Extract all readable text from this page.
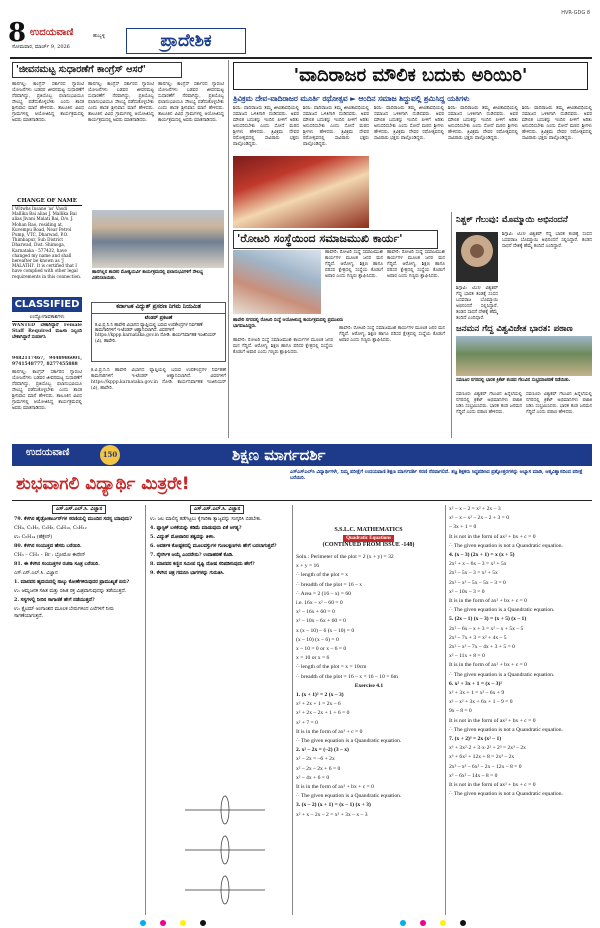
8 ಉದಯವಾಣಿ	ಹುಬ್ಬಳ್ಳಿ
ಸೋಮವಾರ, ಮಾರ್ಚ್ 9, 2026	ಪ್ರಾದೇಶಿಕ
HVR-GDG 8
'ಜೀವನಮಟ್ಟ ಸುಧಾರಣೆಗೆ ಕಾಂಗ್ರೆಸ್ ಆಸರೆ'
ಹಾನಗಲ್ಲ: ಕಾಂಗ್ರೆಸ್ ಸರ್ಕಾರದ ಗ್ಯಾರಂಟಿ ಯೋಜನೆಗಳು ಬಡವರ ಜೀವನಮಟ್ಟ ಸುಧಾರಣೆಗೆ ನೆರವಾಗಿದ್ದು, ಪ್ರತಿಯೊಬ್ಬ ಫಲಾನುಭವಿಯೂ ಸೌಲಭ್ಯ ಪಡೆದುಕೊಳ್ಳಬೇಕು ಎಂದು ಶಾಸಕ ಶ್ರೀನಿವಾಸ ಮಾನೆ ಹೇಳಿದರು. ತಾಲೂಕಿನ ವಿವಿಧ ಗ್ರಾಮಗಳಲ್ಲಿ ಆಯೋಜಿಸಿದ್ದ ಕಾರ್ಯಕ್ರಮದಲ್ಲಿ ಅವರು ಮಾತನಾಡಿದರು.
ಹಾನಗಲ್ಲ: ಕಾಂಗ್ರೆಸ್ ಸರ್ಕಾರದ ಗ್ಯಾರಂಟಿ ಯೋಜನೆಗಳು ಬಡವರ ಜೀವನಮಟ್ಟ ಸುಧಾರಣೆಗೆ ನೆರವಾಗಿದ್ದು, ಪ್ರತಿಯೊಬ್ಬ ಫಲಾನುಭವಿಯೂ ಸೌಲಭ್ಯ ಪಡೆದುಕೊಳ್ಳಬೇಕು ಎಂದು ಶಾಸಕ ಶ್ರೀನಿವಾಸ ಮಾನೆ ಹೇಳಿದರು. ತಾಲೂಕಿನ ವಿವಿಧ ಗ್ರಾಮಗಳಲ್ಲಿ ಆಯೋಜಿಸಿದ್ದ ಕಾರ್ಯಕ್ರಮದಲ್ಲಿ ಅವರು ಮಾತನಾಡಿದರು.
ಹಾನಗಲ್ಲ: ಕಾಂಗ್ರೆಸ್ ಸರ್ಕಾರದ ಗ್ಯಾರಂಟಿ ಯೋಜನೆಗಳು ಬಡವರ ಜೀವನಮಟ್ಟ ಸುಧಾರಣೆಗೆ ನೆರವಾಗಿದ್ದು, ಪ್ರತಿಯೊಬ್ಬ ಫಲಾನುಭವಿಯೂ ಸೌಲಭ್ಯ ಪಡೆದುಕೊಳ್ಳಬೇಕು ಎಂದು ಶಾಸಕ ಶ್ರೀನಿವಾಸ ಮಾನೆ ಹೇಳಿದರು. ತಾಲೂಕಿನ ವಿವಿಧ ಗ್ರಾಮಗಳಲ್ಲಿ ಆಯೋಜಿಸಿದ್ದ ಕಾರ್ಯಕ್ರಮದಲ್ಲಿ ಅವರು ಮಾತನಾಡಿದರು.
ಹಾನಗಲ್ಲನ ಶಾಸಕರ ಮೋತ್ವಯರ್ವಿ ಕಾರ್ಯಕ್ರಮದಲ್ಲಿ ಫಲಾನುಭವಿಗಳಿಗೆ ಸೌಲಭ್ಯ ವಿತರಿಸಲಾಯಿತು.
CHANGE OF NAME
I Witwhs Insane 'as' Vasdi Mallika Bai alias J. Mallika Bai alias Jivani Malati Bai, D/o. J. Mohan Rao, residing at, Kuvempu Road, Near Petrol Pump, VTC, Dharwad, P.O. Thimbapur, Sub District Dharwad, Dist. Shimoga, Karnataka - 577432, have changed my name and shall hereafter be known as 'J MALATHI'. It is certified that I have complied with other legal requirements in this connection.
CLASSIFIED
ಉದ್ಯೋಗಾವಕಾಶಗಳು
WANTED ಬೇಕಾಗಿದ್ದಾರೆ Female Staff Required ಮಹಿಳಾ ಸಿಬ್ಬಂದಿ ಬೇಕಾಗಿದ್ದಾರೆ ಸಂಪರ್ಕಿಸಿ
9482117467, 9448986001, 9741548777, 8277455888
ಹಾನಗಲ್ಲ: ಕಾಂಗ್ರೆಸ್ ಸರ್ಕಾರದ ಗ್ಯಾರಂಟಿ ಯೋಜನೆಗಳು ಬಡವರ ಜೀವನಮಟ್ಟ ಸುಧಾರಣೆಗೆ ನೆರವಾಗಿದ್ದು, ಪ್ರತಿಯೊಬ್ಬ ಫಲಾನುಭವಿಯೂ ಸೌಲಭ್ಯ ಪಡೆದುಕೊಳ್ಳಬೇಕು ಎಂದು ಶಾಸಕ ಶ್ರೀನಿವಾಸ ಮಾನೆ ಹೇಳಿದರು. ತಾಲೂಕಿನ ವಿವಿಧ ಗ್ರಾಮಗಳಲ್ಲಿ ಆಯೋಜಿಸಿದ್ದ ಕಾರ್ಯಕ್ರಮದಲ್ಲಿ ಅವರು ಮಾತನಾಡಿದರು.
ಕರ್ನಾಟಕ ವಿದ್ಯುತ್ ಪ್ರಸರಣ ನಿಗಮ ನಿಯಮಿತ
ಟೆಂಡರ್ ಪ್ರಕಟಣೆ
ಕ.ವಿ.ಪ್ರ.ನಿ.ನಿ ಹಾವೇರಿ ವಿಭಾಗದ ವ್ಯಾಪ್ತಿಯಲ್ಲಿ ಬರುವ ಉಪಕೇಂದ್ರಗಳ ನಿರ್ವಹಣೆ ಕಾಮಗಾರಿಗಳಿಗೆ ಇ-ಟೆಂಡರ್ ಆಹ್ವಾನಿಸಲಾಗಿದೆ. ವಿವರಗಳಿಗೆ https://kppp.karnataka.gov.in ನೋಡಿ. ಕಾರ್ಯನಿರ್ವಾಹಕ ಇಂಜಿನಿಯರ್ (ವಿ), ಹಾವೇರಿ.
ಕ.ವಿ.ಪ್ರ.ನಿ.ನಿ ಹಾವೇರಿ ವಿಭಾಗದ ವ್ಯಾಪ್ತಿಯಲ್ಲಿ ಬರುವ ಉಪಕೇಂದ್ರಗಳ ನಿರ್ವಹಣೆ ಕಾಮಗಾರಿಗಳಿಗೆ ಇ-ಟೆಂಡರ್ ಆಹ್ವಾನಿಸಲಾಗಿದೆ. ವಿವರಗಳಿಗೆ https://kppp.karnataka.gov.in ನೋಡಿ. ಕಾರ್ಯನಿರ್ವಾಹಕ ಇಂಜಿನಿಯರ್ (ವಿ), ಹಾವೇರಿ.
'ವಾದಿರಾಜರ ಮೌಲಿಕ ಬದುಕು ಅರಿಯಿರಿ'
ತ್ರಿವಿಕ್ರಮ ದೇವ-ವಾದಿರಾಜರ ಮೂರ್ತಿ ರಥೋತ್ಸವ ► ಆಂದಿನ ಸಮಾಜ ಶಿದ್ದುವಲ್ಲಿ ಶ್ರಮಿಸಿದ್ದ ಯತಿಗಳು
ಶಿರಸಿ: ವಾದಿರಾಜರು ತಮ್ಮ ಜೀವಿತಾವಧಿಯಲ್ಲಿ ಸಮಾಜದ ಒಳಿತಿಗಾಗಿ ದುಡಿದವರು. ಅವರ ಮೌಲಿಕ ಬದುಕನ್ನು ಇಂದಿನ ಪೀಳಿಗೆ ಅರಿತು ಅನುಸರಿಸಬೇಕು ಎಂದು ಸೋದೆ ಮಠದ ಶ್ರೀಗಳು ಹೇಳಿದರು. ತ್ರಿವಿಕ್ರಮ ದೇವರ ರಥೋತ್ಸವದಲ್ಲಿ ಸಾವಿರಾರು ಭಕ್ತರು ಪಾಲ್ಗೊಂಡಿದ್ದರು.
ಶಿರಸಿ: ವಾದಿರಾಜರು ತಮ್ಮ ಜೀವಿತಾವಧಿಯಲ್ಲಿ ಸಮಾಜದ ಒಳಿತಿಗಾಗಿ ದುಡಿದವರು. ಅವರ ಮೌಲಿಕ ಬದುಕನ್ನು ಇಂದಿನ ಪೀಳಿಗೆ ಅರಿತು ಅನುಸರಿಸಬೇಕು ಎಂದು ಸೋದೆ ಮಠದ ಶ್ರೀಗಳು ಹೇಳಿದರು. ತ್ರಿವಿಕ್ರಮ ದೇವರ ರಥೋತ್ಸವದಲ್ಲಿ ಸಾವಿರಾರು ಭಕ್ತರು ಪಾಲ್ಗೊಂಡಿದ್ದರು.
ಶಿರಸಿ: ವಾದಿರಾಜರು ತಮ್ಮ ಜೀವಿತಾವಧಿಯಲ್ಲಿ ಸಮಾಜದ ಒಳಿತಿಗಾಗಿ ದುಡಿದವರು. ಅವರ ಮೌಲಿಕ ಬದುಕನ್ನು ಇಂದಿನ ಪೀಳಿಗೆ ಅರಿತು ಅನುಸರಿಸಬೇಕು ಎಂದು ಸೋದೆ ಮಠದ ಶ್ರೀಗಳು ಹೇಳಿದರು. ತ್ರಿವಿಕ್ರಮ ದೇವರ ರಥೋತ್ಸವದಲ್ಲಿ ಸಾವಿರಾರು ಭಕ್ತರು ಪಾಲ್ಗೊಂಡಿದ್ದರು.
ಶಿರಸಿ: ವಾದಿರಾಜರು ತಮ್ಮ ಜೀವಿತಾವಧಿಯಲ್ಲಿ ಸಮಾಜದ ಒಳಿತಿಗಾಗಿ ದುಡಿದವರು. ಅವರ ಮೌಲಿಕ ಬದುಕನ್ನು ಇಂದಿನ ಪೀಳಿಗೆ ಅರಿತು ಅನುಸರಿಸಬೇಕು ಎಂದು ಸೋದೆ ಮಠದ ಶ್ರೀಗಳು ಹೇಳಿದರು. ತ್ರಿವಿಕ್ರಮ ದೇವರ ರಥೋತ್ಸವದಲ್ಲಿ ಸಾವಿರಾರು ಭಕ್ತರು ಪಾಲ್ಗೊಂಡಿದ್ದರು.
ಶಿರಸಿ: ವಾದಿರಾಜರು ತಮ್ಮ ಜೀವಿತಾವಧಿಯಲ್ಲಿ ಸಮಾಜದ ಒಳಿತಿಗಾಗಿ ದುಡಿದವರು. ಅವರ ಮೌಲಿಕ ಬದುಕನ್ನು ಇಂದಿನ ಪೀಳಿಗೆ ಅರಿತು ಅನುಸರಿಸಬೇಕು ಎಂದು ಸೋದೆ ಮಠದ ಶ್ರೀಗಳು ಹೇಳಿದರು. ತ್ರಿವಿಕ್ರಮ ದೇವರ ರಥೋತ್ಸವದಲ್ಲಿ ಸಾವಿರಾರು ಭಕ್ತರು ಪಾಲ್ಗೊಂಡಿದ್ದರು.
'ರೋಟರಿ ಸಂಸ್ಥೆಯಿಂದ ಸಮಾಜಮುಖಿ ಕಾರ್ಯ'
ಹಾವೇರಿ: ರೋಟರಿ ಸಂಸ್ಥೆ ಸಮಾಜಮುಖಿ ಕಾರ್ಯಗಳ ಮೂಲಕ ಜನರ ಮನ ಗೆದ್ದಿದೆ. ಆರೋಗ್ಯ, ಶಿಕ್ಷಣ ಹಾಗೂ ಪರಿಸರ ಕ್ಷೇತ್ರದಲ್ಲಿ ಸಂಸ್ಥೆಯ ಕೊಡುಗೆ ಅಪಾರ ಎಂದು ಗಣ್ಯರು ಶ್ಲಾಘಿಸಿದರು.
ಹಾವೇರಿ: ರೋಟರಿ ಸಂಸ್ಥೆ ಸಮಾಜಮುಖಿ ಕಾರ್ಯಗಳ ಮೂಲಕ ಜನರ ಮನ ಗೆದ್ದಿದೆ. ಆರೋಗ್ಯ, ಶಿಕ್ಷಣ ಹಾಗೂ ಪರಿಸರ ಕ್ಷೇತ್ರದಲ್ಲಿ ಸಂಸ್ಥೆಯ ಕೊಡುಗೆ ಅಪಾರ ಎಂದು ಗಣ್ಯರು ಶ್ಲಾಘಿಸಿದರು.
ಹಾವೇರಿ ನಗರದಲ್ಲಿ ರೋಟರಿ ಸಂಸ್ಥೆ ಆಯೋಜಿಸಿದ್ದ ಕಾರ್ಯಕ್ರಮದಲ್ಲಿ ಪ್ರಮುಖರು ಭಾಗವಹಿಸಿದ್ದರು.
ಹಾವೇರಿ: ರೋಟರಿ ಸಂಸ್ಥೆ ಸಮಾಜಮುಖಿ ಕಾರ್ಯಗಳ ಮೂಲಕ ಜನರ ಮನ ಗೆದ್ದಿದೆ. ಆರೋಗ್ಯ, ಶಿಕ್ಷಣ ಹಾಗೂ ಪರಿಸರ ಕ್ಷೇತ್ರದಲ್ಲಿ ಸಂಸ್ಥೆಯ ಕೊಡುಗೆ ಅಪಾರ ಎಂದು ಗಣ್ಯರು ಶ್ಲಾಘಿಸಿದರು.
ಹಾವೇರಿ: ರೋಟರಿ ಸಂಸ್ಥೆ ಸಮಾಜಮುಖಿ ಕಾರ್ಯಗಳ ಮೂಲಕ ಜನರ ಮನ ಗೆದ್ದಿದೆ. ಆರೋಗ್ಯ, ಶಿಕ್ಷಣ ಹಾಗೂ ಪರಿಸರ ಕ್ಷೇತ್ರದಲ್ಲಿ ಸಂಸ್ಥೆಯ ಕೊಡುಗೆ ಅಪಾರ ಎಂದು ಗಣ್ಯರು ಶ್ಲಾಘಿಸಿದರು.
ನಿಶ್ಚಕ್ ಗೆಲುವು: ಮೊಮ್ಮಾಯಿ ಅಭಿನಂದನೆ
ಶಿಗ್ಗಾವಿ: ಟಿ20 ವಿಶ್ವಕಪ್ ಗೆದ್ದ ಭಾರತ ತಂಡಕ್ಕೆ ಸಂಸದ ಬಸವರಾಜ ಬೊಮ್ಮಾಯಿ ಅಭಿನಂದನೆ ಸಲ್ಲಿಸಿದ್ದಾರೆ. ತಂಡದ ಸಾಧನೆ ದೇಶಕ್ಕೆ ಹೆಮ್ಮೆ ತಂದಿದೆ ಎಂದಿದ್ದಾರೆ.
ಶಿಗ್ಗಾವಿ: ಟಿ20 ವಿಶ್ವಕಪ್ ಗೆದ್ದ ಭಾರತ ತಂಡಕ್ಕೆ ಸಂಸದ ಬಸವರಾಜ ಬೊಮ್ಮಾಯಿ ಅಭಿನಂದನೆ ಸಲ್ಲಿಸಿದ್ದಾರೆ. ತಂಡದ ಸಾಧನೆ ದೇಶಕ್ಕೆ ಹೆಮ್ಮೆ ತಂದಿದೆ ಎಂದಿದ್ದಾರೆ.
ಜನಮನ ಗೆದ್ದ ವಿಶ್ವವಿಜೇತ ಭಾರತ: ಪಠಾಣ
ಸವಣೂರ ನಗರದಲ್ಲಿ ಭಾರತ ಕ್ರಿಕೆಟ್ ತಂಡದ ಗೆಲುವಿನ ಸಂಭ್ರಮಾಚರಣೆ ನಡೆಯಿತು.
ಸವಣೂರ: ವಿಶ್ವಕಪ್ ಗೆಲುವಿನ ಹಿನ್ನೆಲೆಯಲ್ಲಿ ನಗರದಲ್ಲಿ ಕ್ರಿಕೆಟ್ ಅಭಿಮಾನಿಗಳು ಪಟಾಕಿ ಸಿಡಿಸಿ ಸಂಭ್ರಮಿಸಿದರು. ಭಾರತ ತಂಡ ಜನಮನ ಗೆದ್ದಿದೆ ಎಂದು ಪಠಾಣ ಹೇಳಿದರು.
ಸವಣೂರ: ವಿಶ್ವಕಪ್ ಗೆಲುವಿನ ಹಿನ್ನೆಲೆಯಲ್ಲಿ ನಗರದಲ್ಲಿ ಕ್ರಿಕೆಟ್ ಅಭಿಮಾನಿಗಳು ಪಟಾಕಿ ಸಿಡಿಸಿ ಸಂಭ್ರಮಿಸಿದರು. ಭಾರತ ತಂಡ ಜನಮನ ಗೆದ್ದಿದೆ ಎಂದು ಪಠಾಣ ಹೇಳಿದರು.
ಉದಯವಾಣಿ	150	ಶಿಕ್ಷಣ ಮಾರ್ಗದರ್ಶಿ
ಶುಭವಾಗಲಿ ವಿದ್ಯಾರ್ಥಿ ಮಿತ್ರರೇ!
ಎಸ್ಎಸ್ಎಲ್‌ಸಿ ವಿದ್ಯಾರ್ಥಿಗಳೇ, ನಿಮ್ಮ ಪರೀಕ್ಷೆಗೆ ಉದಯವಾಣಿ ಶಿಕ್ಷಣ ಮಾರ್ಗದರ್ಶಿ ಸರಣಿ ನೆರವಾಗಲಿದೆ. ತಜ್ಞ ಶಿಕ್ಷಕರು ಸಿದ್ಧಪಡಿಸಿದ ಪ್ರಶ್ನೋತ್ತರಗಳನ್ನು ಅಭ್ಯಾಸ ಮಾಡಿ, ಆತ್ಮವಿಶ್ವಾಸದಿಂದ ಪರೀಕ್ಷೆ ಬರೆಯಿರಿ.
ಎಸ್.ಎಸ್.ಎಲ್.ಸಿ. ವಿಜ್ಞಾನ
79. ಕೆಳಗಿನ ಹೈಡ್ರೋಕಾರ್ಬನ್‌ಗಳ ಸರಣಿಯಲ್ಲಿ ಮುಂದಿನ ಸದಸ್ಯ ಯಾವುದು?
CH₄, C₂H₆, C₃H₈, C₄H₁₀, C₅H₁₂
ಉ: C₆H₁₄ (ಹೆಕ್ಸೇನ್)
80. ಕೆಳಗಿನ ಸಂಯುಕ್ತದ ಹೆಸರು ಬರೆಯಿರಿ.
CH₃ – CH₂ – Br : ಬ್ರೋಮೋ ಈಥೇನ್
81. ಈ ಕೆಳಗಿನ ಸಂಯುಕ್ತಗಳ ರಚನಾ ಸೂತ್ರ ಬರೆಯಿರಿ.
ಎಸ್.ಎಸ್.ಎಲ್.ಸಿ. ವಿಜ್ಞಾನ
1. ಮಾನವನ ಹೃದಯದಲ್ಲಿ ನಾಲ್ಕು ಕೋಣೆಗಳಿರುವುದರ ಪ್ರಾಮುಖ್ಯತೆ ಏನು?
ಉ: ಆಮ್ಲಜನಕ ಸಹಿತ ಮತ್ತು ರಹಿತ ರಕ್ತ ಮಿಶ್ರವಾಗುವುದನ್ನು ತಡೆಯುತ್ತದೆ.
2. ಸಸ್ಯಗಳಲ್ಲಿ ನೀರಿನ ಸಾಗಾಣಿಕೆ ಹೇಗೆ ನಡೆಯುತ್ತದೆ?
ಉ: ಕ್ಸೈಲಮ್ ಅಂಗಾಂಶದ ಮೂಲಕ ಬೇರುಗಳಿಂದ ಎಲೆಗಳಿಗೆ ನೀರು ಸಾಗಣೆಯಾಗುತ್ತದೆ.
ಎಸ್.ಎಸ್.ಎಲ್.ಸಿ. ವಿಜ್ಞಾನ
ಉ: ಜಲ ಮಾಲಿನ್ಯ ತಡೆಗಟ್ಟಲು ಕೈಗಾರಿಕಾ ತ್ಯಾಜ್ಯವನ್ನು ಸಂಸ್ಕರಿಸಿ ಬಿಡಬೇಕು.
4. ಪ್ಲಾಸ್ಟಿಕ್ ಬಳಕೆಯನ್ನು ಕಡಿಮೆ ಮಾಡುವುದು ಏಕೆ ಅಗತ್ಯ?
5. ವಿದ್ಯುತ್ ಮೋಟಾರಿನ ತತ್ವವನ್ನು ತಿಳಿಸಿ.
6. ಆವರ್ತಕ ಕೋಷ್ಟಕದಲ್ಲಿ ಮೂಲವಸ್ತುಗಳ ಗುಣಲಕ್ಷಣಗಳು ಹೇಗೆ ಬದಲಾಗುತ್ತವೆ?
7. ನೈಸರ್ಗಿಕ ಆಯ್ಕೆ ಎಂದರೇನು? ಉದಾಹರಣೆ ಕೊಡಿ.
8. ಮಾನವನ ಕಣ್ಣಿನ ಸಮೀಪ ದೃಷ್ಟಿ ದೋಷ ಸರಿಪಡಿಸುವುದು ಹೇಗೆ?
9. ಕೆಳಗಿನ ಚಿತ್ರ ಗಮನಿಸಿ ಭಾಗಗಳನ್ನು ಗುರುತಿಸಿ.
S.S.L.C. MATHEMATICS
Quadratic Equations
(CONTINUED FROM ISSUE -148)
Soln.: Perimeter of the plot = 2 (x + y) = 32
x + y = 16
∴ length of the plot = x
∴ breadth of the plot = 16 – x
∴ Area = 2 (16 – x) = 60
i.e. 16x – x² – 60 = 0
x² – 16x + 60 = 0
x² – 10x – 6x + 60 = 0
x (x – 10) – 6 (x – 10) = 0
(x – 10) (x – 6) = 0
x – 10 = 0 or x – 6 = 0
x = 10 or x = 6
∴ length of the plot = x = 10cm
∴ breadth of the plot = 16 – x = 16 – 10 = 6m
Exercise 4.1
1. (x + 1)² = 2 (x – 3)
x² + 2x + 1 = 2x – 6
x² + 2x – 2x + 1 + 6 = 0
x² + 7 = 0
It is in the form of ax² + c = 0
∴ The given equation is a Quandratic equation.
2. x² – 2x = (–2) (3 – x)
x² – 2x = –6 + 2x
x² – 2x – 2x + 6 = 0
x² – 4x + 6 = 0
It is in the form of ax² + bx + c = 0
∴ The given equation is a Quandratic equation.
3. (x – 2) (x + 1) = (x – 1) (x + 3)
x² + x – 2x – 2 = x² + 3x – x – 3
x² – x – 2 = x² + 2x – 3
x² – x – x² – 2x – 2 + 3 = 0
– 3x + 1 = 0
It is not in the form of ax² + bx + c = 0
∴ The given equation is not a Quandratic equation.
4. (x – 3) (2x + 1) = x (x + 5)
2x² + x – 6x – 3 = x² + 5x
2x² – 5x – 3 = x² + 5x
2x² – x² – 5x – 5x – 3 = 0
x² – 10x – 3 = 0
It is in the form of ax² + bx + c = 0
∴ The given equation is a Quandratic equation.
5. (2x – 1) (x – 3) = (x + 5) (x – 1)
2x² – 6x – x + 3 = x² – x + 5x – 5
2x² – 7x + 3 = x² + 4x – 5
2x² – x² – 7x – 4x + 3 + 5 = 0
x² – 11x + 8 = 0
It is in the form of ax² + bx + c = 0
∴ The given equation is a Quandratic equation.
6. x² + 3x + 1 = (x – 3)²
x² + 3x + 1 = x² – 6x + 9
x² – x² + 3x + 6x + 1 – 9 = 0
9x – 8 = 0
It is not in the form of ax² + bx + c = 0
∴ The given equation is not a Quandratic equation.
7. (x + 2)³ = 2x (x² – 1)
x³ + 3x²·2 + 3·x·2² + 2³ = 2x³ – 2x
x³ + 6x² + 12x + 8 = 2x³ – 2x
2x³ – x³ – 6x² – 2x – 12x – 8 = 0
x³ – 6x² – 14x – 8 = 0
It is not in the form of ax² + bx + c = 0
∴ The given equation is not a Quandratic equation.
